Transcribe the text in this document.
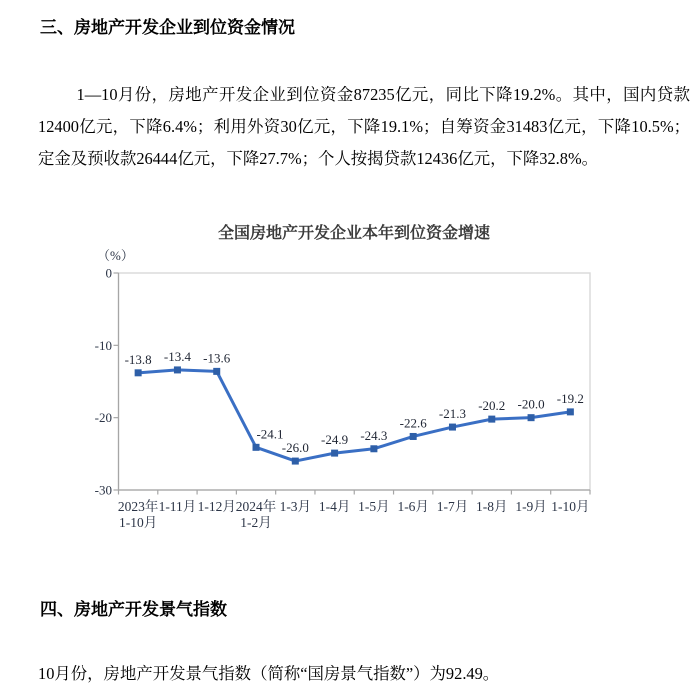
三、房地产开发企业到位资金情况

1—10月份，房地产开发企业到位资金87235亿元，同比下降19.2%。其中，国内贷款12400亿元，下降6.4%；利用外资30亿元，下降19.1%；自筹资金31483亿元，下降10.5%；定金及预收款26444亿元，下降27.7%；个人按揭贷款12436亿元，下降32.8%。

全国房地产开发企业本年到位资金增速
（%）
0
-10
-20
-30
2023年
1-10月
1-11月 1-12月 2024年
1-2月
1-3月 1-4月 1-5月 1-6月 1-7月 1-8月 1-9月 1-10月
-13.8 -13.4 -13.6
-24.1
-26.0
-24.9 -24.3
-22.6
-21.3
-20.2 -20.0 -19.2
四、房地产开发景气指数

10月份，房地产开发景气指数（简称“国房景气指数”）为92.49。
